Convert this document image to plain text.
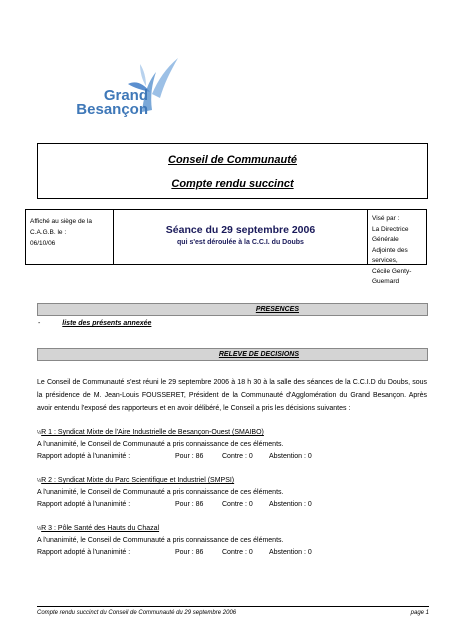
Grand
Besançon
Conseil de Communauté
Compte rendu succinct
Affiché au siège de la C.A.G.B. le :
06/10/06
Séance du 29 septembre 2006
qui s'est déroulée à la C.C.I. du Doubs
Visé par :
La Directrice Générale
Adjointe des services,
Cécile Genty-Guemard
PRESENCES
-	liste des présents annexée
RELEVE DE DECISIONS
Le Conseil de Communauté s'est réuni le 29 septembre 2006 à 18 h 30 à la salle des séances de la C.C.I.D du Doubs, sous la présidence de M. Jean-Louis FOUSSERET, Président de la Communauté d'Agglomération du Grand Besançon. Après avoir entendu l'exposé des rapporteurs et en avoir délibéré, le Conseil a pris les décisions suivantes :
½R 1 : Syndicat Mixte de l'Aire Industrielle de Besançon-Ouest (SMAIBO)
A l'unanimité, le Conseil de Communauté a pris connaissance de ces éléments.
Rapport adopté à l'unanimité :	Pour : 86	Contre : 0 Abstention : 0
½R 2 : Syndicat Mixte du Parc Scientifique et Industriel (SMPSI)
A l'unanimité, le Conseil de Communauté a pris connaissance de ces éléments.
Rapport adopté à l'unanimité :	Pour : 86	Contre : 0 Abstention : 0
½R 3 : Pôle Santé des Hauts du Chazal
A l'unanimité, le Conseil de Communauté a pris connaissance de ces éléments.
Rapport adopté à l'unanimité :	Pour : 86	Contre : 0 Abstention : 0
Compte rendu succinct du Conseil de Communauté du 29 septembre 2006	page 1
